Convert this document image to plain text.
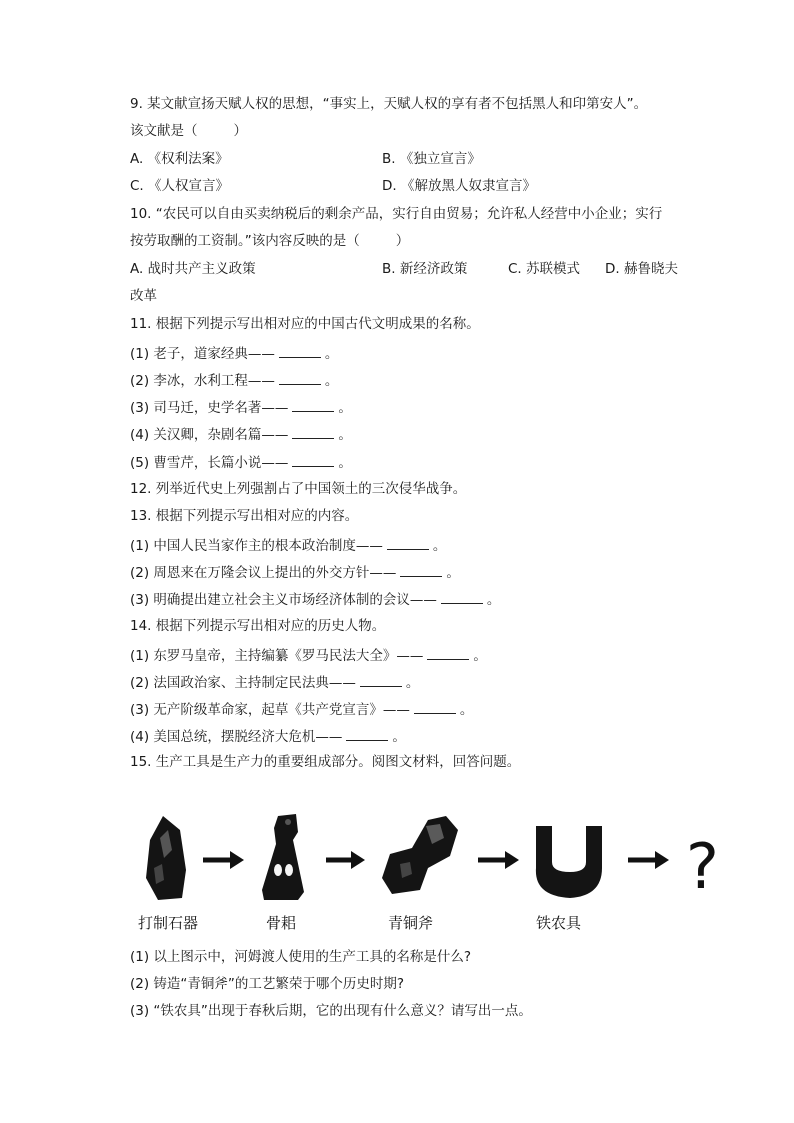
9. 某文献宣扬天赋人权的思想，“事实上，天赋人权的享有者不包括黑人和印第安人”。
该文献是（	）
A. 《权利法案》	B. 《独立宣言》
C. 《人权宣言》	D. 《解放黑人奴隶宣言》
10. “农民可以自由买卖纳税后的剩余产品，实行自由贸易；允许私人经营中小企业；实行
按劳取酬的工资制。”该内容反映的是（	）
A. 战时共产主义政策	B. 新经济政策	C. 苏联模式 D. 赫鲁晓夫
改革
11. 根据下列提示写出相对应的中国古代文明成果的名称。
(1) 老子，道家经典——	。
(2) 李冰，水利工程——	。
(3) 司马迁，史学名著——	。
(4) 关汉卿，杂剧名篇——	。
(5) 曹雪芹，长篇小说——	。
12. 列举近代史上列强割占了中国领土的三次侵华战争。
13. 根据下列提示写出相对应的内容。
(1) 中国人民当家作主的根本政治制度——	。
(2) 周恩来在万隆会议上提出的外交方针——	。
(3) 明确提出建立社会主义市场经济体制的会议——	。
14. 根据下列提示写出相对应的历史人物。
(1) 东罗马皇帝，主持编纂《罗马民法大全》——	。
(2) 法国政治家、主持制定民法典——	。
(3) 无产阶级革命家，起草《共产党宣言》——	。
(4) 美国总统，摆脱经济大危机——	。
15. 生产工具是生产力的重要组成部分。阅图文材料，回答问题。
?
打制石器	骨耜	青铜斧	铁农具
(1) 以上图示中，河姆渡人使用的生产工具的名称是什么?
(2) 铸造“青铜斧”的工艺繁荣于哪个历史时期?
(3) “铁农具”出现于春秋后期，它的出现有什么意义？请写出一点。
